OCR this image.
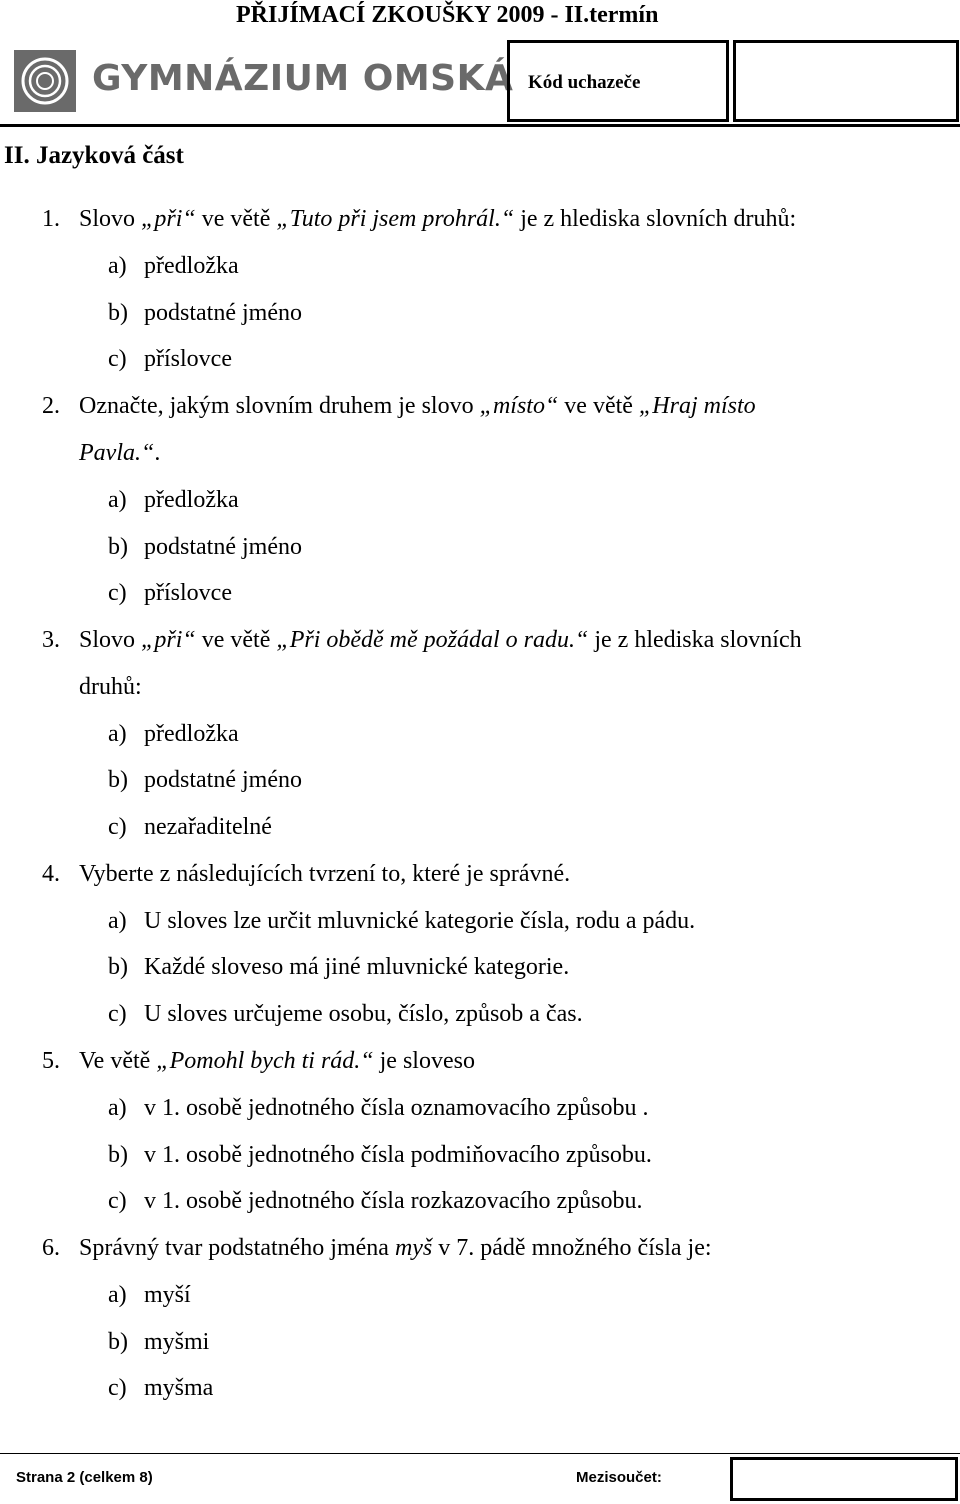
PŘIJÍMACÍ ZKOUŠKY 2009 - II.termín
GYMNÁZIUM OMSKÁ Kód uchazeče
II. Jazyková část
1. Slovo „při“ ve větě „Tuto při jsem prohrál.“ je z hlediska slovních druhů:
a) předložka
b) podstatné jméno
c) příslovce
2. Označte, jakým slovním druhem je slovo „místo“ ve větě „Hraj místo
Pavla.“.
a) předložka
b) podstatné jméno
c) příslovce
3. Slovo „při“ ve větě „Při obědě mě požádal o radu.“ je z hlediska slovních
druhů:
a) předložka
b) podstatné jméno
c) nezařaditelné
4. Vyberte z následujících tvrzení to, které je správné.
a) U sloves lze určit mluvnické kategorie čísla, rodu a pádu.
b) Každé sloveso má jiné mluvnické kategorie.
c) U sloves určujeme osobu, číslo, způsob a čas.
5. Ve větě „Pomohl bych ti rád.“ je sloveso
a) v 1. osobě jednotného čísla oznamovacího způsobu .
b) v 1. osobě jednotného čísla podmiňovacího způsobu.
c) v 1. osobě jednotného čísla rozkazovacího způsobu.
6. Správný tvar podstatného jména myš v 7. pádě množného čísla je:
a) myší
b) myšmi
c) myšma
Strana 2 (celkem 8)	Mezisoučet:
